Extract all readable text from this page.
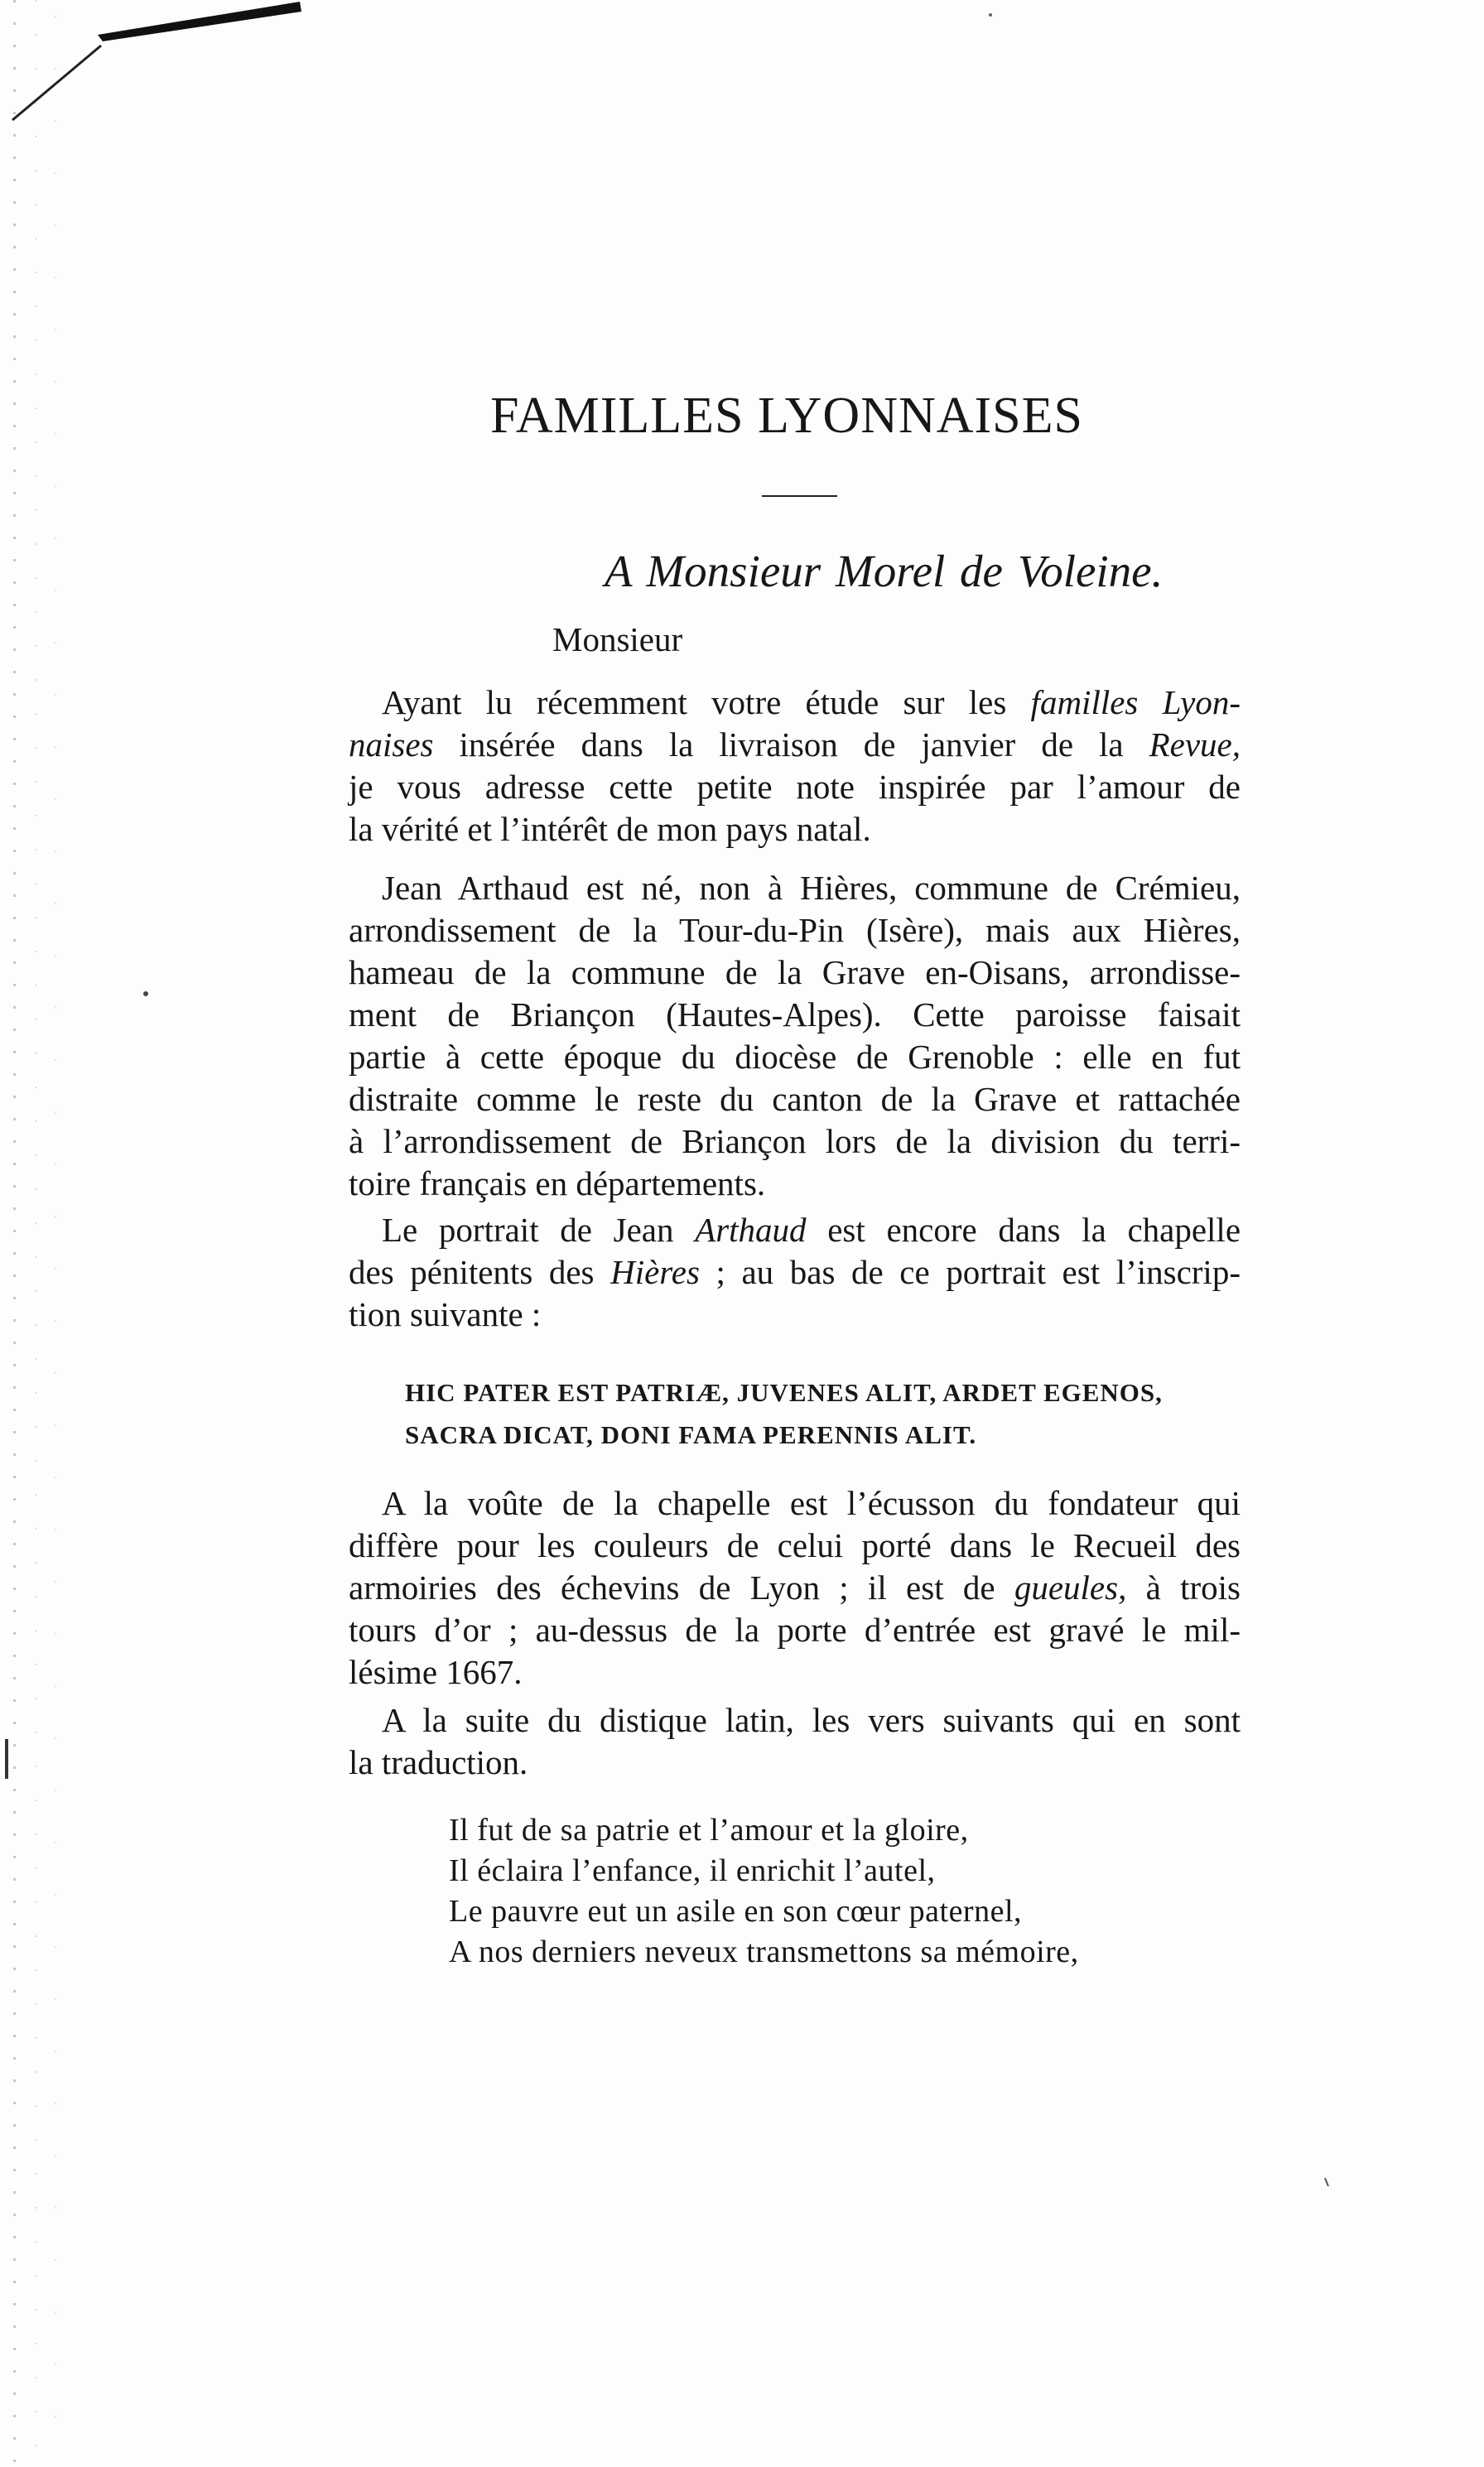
FAMILLES LYONNAISES
A Monsieur Morel de Voleine.
Monsieur
Ayant lu récemment votre étude sur les familles Lyon-
naises insérée dans la livraison de janvier de la Revue,
je vous adresse cette petite note inspirée par l’amour de
la vérité et l’intérêt de mon pays natal.
Jean Arthaud est né, non à Hières, commune de Crémieu,
arrondissement de la Tour-du-Pin (Isère), mais aux Hières,
hameau de la commune de la Grave en-Oisans, arrondisse-
ment de Briançon (Hautes-Alpes). Cette paroisse faisait
partie à cette époque du diocèse de Grenoble : elle en fut
distraite comme le reste du canton de la Grave et rattachée
à l’arrondissement de Briançon lors de la division du terri-
toire français en départements.
Le portrait de Jean Arthaud est encore dans la chapelle
des pénitents des Hières ; au bas de ce portrait est l’inscrip-
tion suivante :
HIC PATER EST PATRIÆ, JUVENES ALIT, ARDET EGENOS,
SACRA DICAT, DONI FAMA PERENNIS ALIT.
A la voûte de la chapelle est l’écusson du fondateur qui
diffère pour les couleurs de celui porté dans le Recueil des
armoiries des échevins de Lyon ; il est de gueules, à trois
tours d’or ; au-dessus de la porte d’entrée est gravé le mil-
lésime 1667.
A la suite du distique latin, les vers suivants qui en sont
la traduction.
Il fut de sa patrie et l’amour et la gloire,
Il éclaira l’enfance, il enrichit l’autel,
Le pauvre eut un asile en son cœur paternel,
A nos derniers neveux transmettons sa mémoire,
